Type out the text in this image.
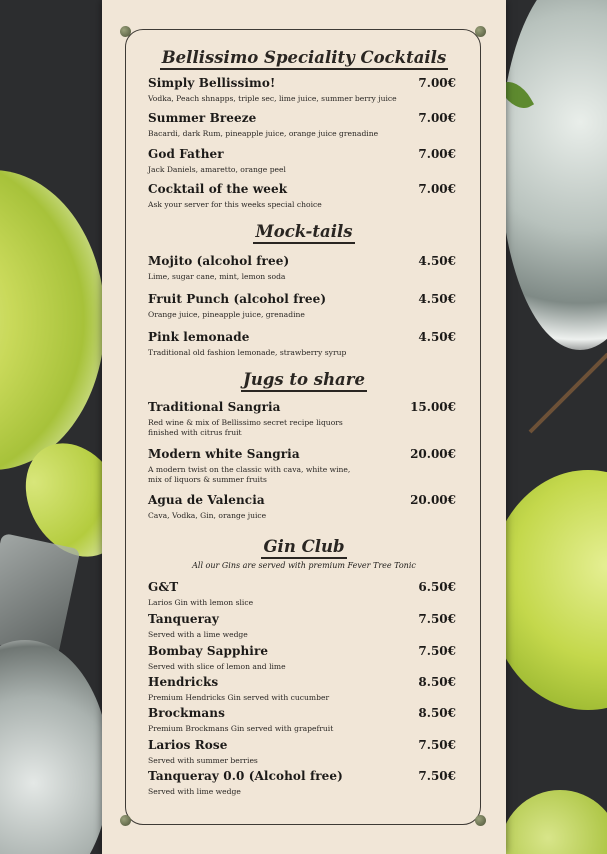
Bellissimo Speciality Cocktails
Simply Bellissimo!	7.00€
Vodka, Peach shnapps, triple sec, lime juice, summer berry juice
Summer Breeze	7.00€
Bacardi, dark Rum, pineapple juice, orange juice grenadine
God Father	7.00€
Jack Daniels, amaretto, orange peel
Cocktail of the week	7.00€
Ask your server for this weeks special choice
Mock-tails
Mojito (alcohol free)	4.50€
Lime, sugar cane, mint, lemon soda
Fruit Punch (alcohol free)	4.50€
Orange juice, pineapple juice, grenadine
Pink lemonade	4.50€
Traditional old fashion lemonade, strawberry syrup
Jugs to share
Traditional Sangria	15.00€
Red wine & mix of Bellissimo secret recipe liquors
finished with citrus fruit
Modern white Sangria	20.00€
A modern twist on the classic with cava, white wine,
mix of liquors & summer fruits
Agua de Valencia	20.00€
Cava, Vodka, Gin, orange juice
Gin Club
All our Gins are served with premium Fever Tree Tonic
G&T	6.50€
Larios Gin with lemon slice
Tanqueray	7.50€
Served with a lime wedge
Bombay Sapphire	7.50€
Served with slice of lemon and lime
Hendricks	8.50€
Premium Hendricks Gin served with cucumber
Brockmans	8.50€
Premium Brockmans Gin served with grapefruit
Larios Rose	7.50€
Served with summer berries
Tanqueray 0.0 (Alcohol free)	7.50€
Served with lime wedge
